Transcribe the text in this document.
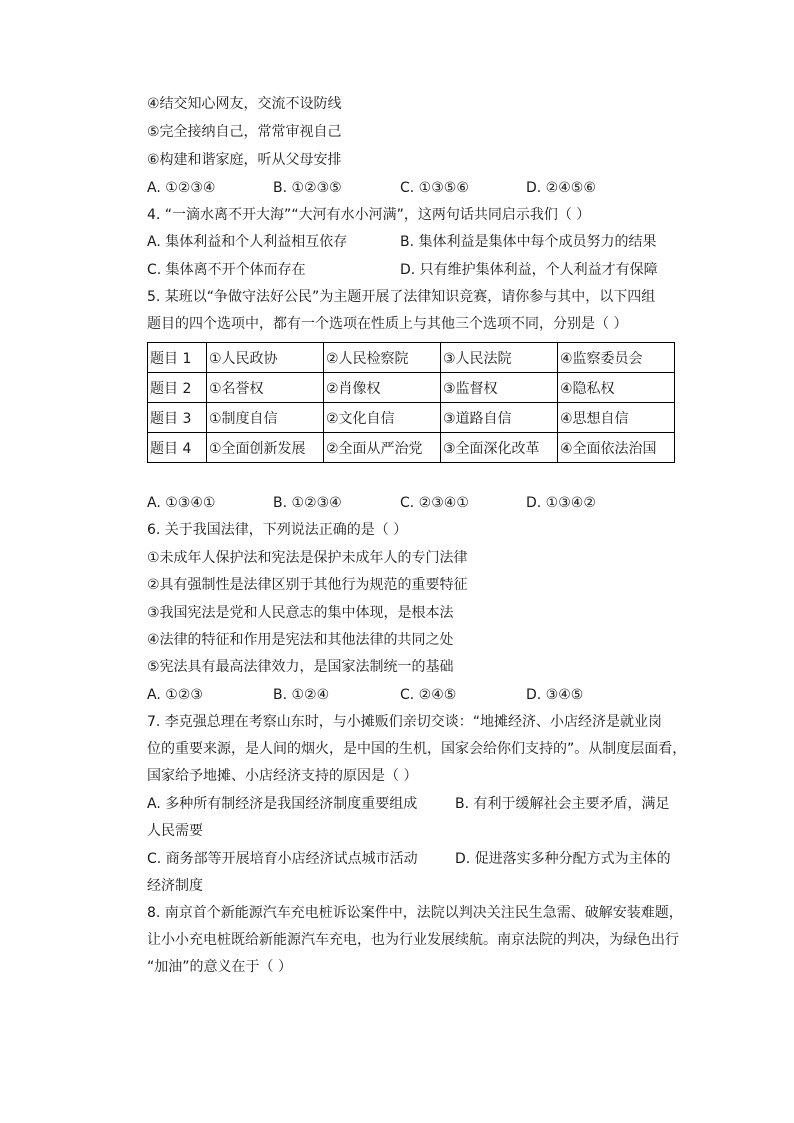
④结交知心网友，交流不设防线
⑤完全接纳自己，常常审视自己
⑥构建和谐家庭，听从父母安排
A. ①②③④	B. ①②③⑤	C. ①③⑤⑥	D. ②④⑤⑥
4. “一滴水离不开大海”“大河有水小河满”，这两句话共同启示我们（ ）
A. 集体利益和个人利益相互依存	B. 集体利益是集体中每个成员努力的结果
C. 集体离不开个体而存在	D. 只有维护集体利益，个人利益才有保障
5. 某班以“争做守法好公民”为主题开展了法律知识竞赛，请你参与其中，以下四组
题目的四个选项中，都有一个选项在性质上与其他三个选项不同，分别是（ ）
题目 1	①人民政协	②人民检察院	③人民法院	④监察委员会
题目 2	①名誉权	②肖像权	③监督权	④隐私权
题目 3	①制度自信	②文化自信	③道路自信	④思想自信
题目 4	①全面创新发展	②全面从严治党	③全面深化改革	④全面依法治国
A. ①③④①	B. ①②③④	C. ②③④①	D. ①③④②
6. 关于我国法律，下列说法正确的是（ ）
①未成年人保护法和宪法是保护未成年人的专门法律
②具有强制性是法律区别于其他行为规范的重要特征
③我国宪法是党和人民意志的集中体现，是根本法
④法律的特征和作用是宪法和其他法律的共同之处
⑤宪法具有最高法律效力，是国家法制统一的基础
A. ①②③	B. ①②④	C. ②④⑤	D. ③④⑤
7. 李克强总理在考察山东时，与小摊贩们亲切交谈：“地摊经济、小店经济是就业岗
位的重要来源，是人间的烟火，是中国的生机，国家会给你们支持的”。从制度层面看，
国家给予地摊、小店经济支持的原因是（ ）
A. 多种所有制经济是我国经济制度重要组成	B. 有利于缓解社会主要矛盾，满足
人民需要
C. 商务部等开展培育小店经济试点城市活动	D. 促进落实多种分配方式为主体的
经济制度
8. 南京首个新能源汽车充电桩诉讼案件中，法院以判决关注民生急需、破解安装难题，
让小小充电桩既给新能源汽车充电，也为行业发展续航。南京法院的判决，为绿色出行
“加油”的意义在于（ ）
